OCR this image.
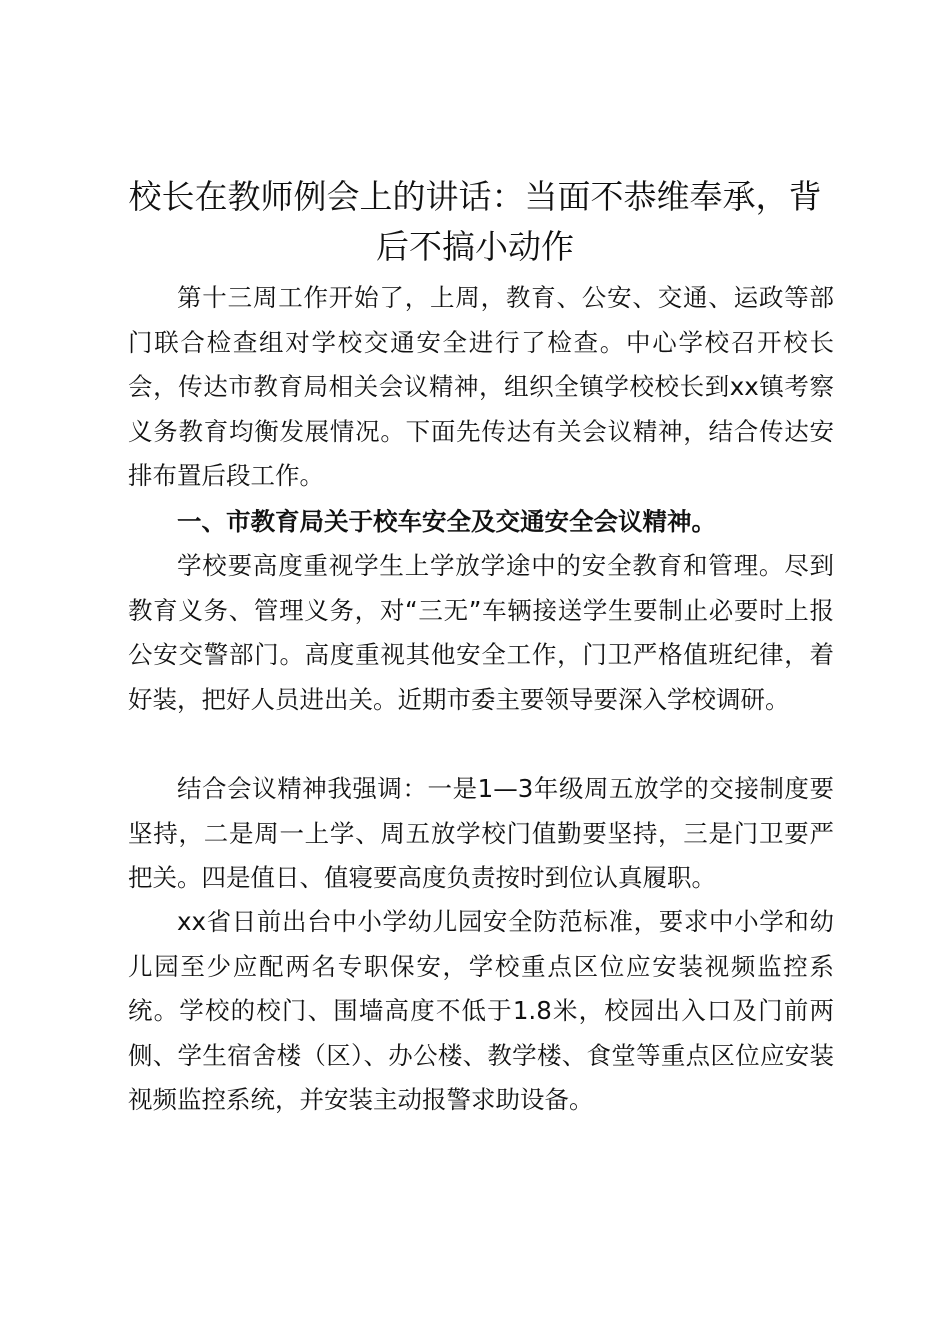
校长在教师例会上的讲话：当面不恭维奉承，背后不搞小动作

第十三周工作开始了，上周，教育、公安、交通、运政等部门联合检查组对学校交通安全进行了检查。中心学校召开校长会，传达市教育局相关会议精神，组织全镇学校校长到xx镇考察义务教育均衡发展情况。下面先传达有关会议精神，结合传达安排布置后段工作。

一、市教育局关于校车安全及交通安全会议精神。

学校要高度重视学生上学放学途中的安全教育和管理。尽到教育义务、管理义务，对“三无”车辆接送学生要制止必要时上报公安交警部门。高度重视其他安全工作，门卫严格值班纪律，着好装，把好人员进出关。近期市委主要领导要深入学校调研。

结合会议精神我强调：一是1—3年级周五放学的交接制度要坚持，二是周一上学、周五放学校门值勤要坚持，三是门卫要严把关。四是值日、值寝要高度负责按时到位认真履职。

xx省日前出台中小学幼儿园安全防范标准，要求中小学和幼儿园至少应配两名专职保安，学校重点区位应安装视频监控系统。学校的校门、围墙高度不低于1.8米，校园出入口及门前两侧、学生宿舍楼（区）、办公楼、教学楼、食堂等重点区位应安装视频监控系统，并安装主动报警求助设备。
